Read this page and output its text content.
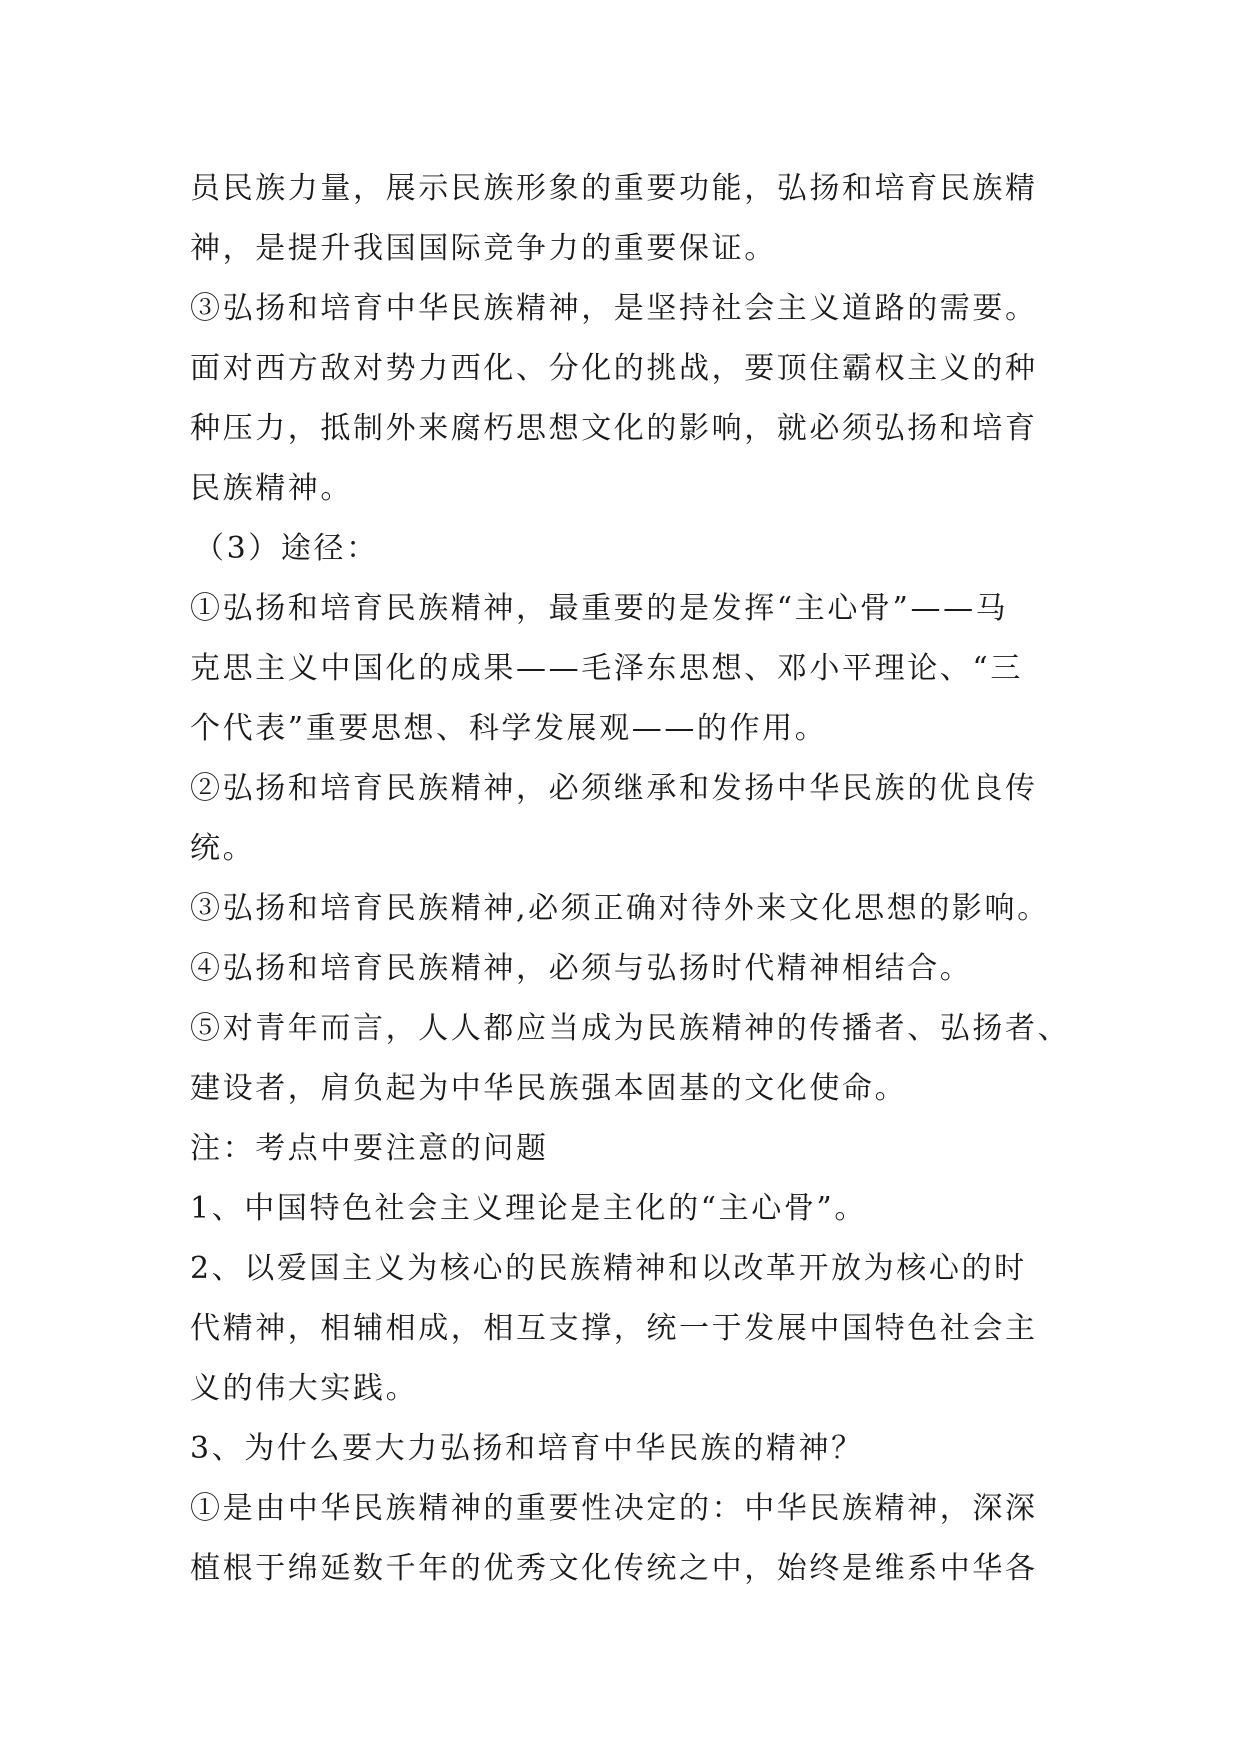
员民族力量，展示民族形象的重要功能，弘扬和培育民族精
神，是提升我国国际竞争力的重要保证。
③弘扬和培育中华民族精神，是坚持社会主义道路的需要。
面对西方敌对势力西化、分化的挑战，要顶住霸权主义的种
种压力，抵制外来腐朽思想文化的影响，就必须弘扬和培育
民族精神。
（3）途径：
①弘扬和培育民族精神，最重要的是发挥“主心骨”——马
克思主义中国化的成果——毛泽东思想、邓小平理论、“三
个代表”重要思想、科学发展观——的作用。
②弘扬和培育民族精神，必须继承和发扬中华民族的优良传
统。
③弘扬和培育民族精神,必须正确对待外来文化思想的影响。
④弘扬和培育民族精神，必须与弘扬时代精神相结合。
⑤对青年而言，人人都应当成为民族精神的传播者、弘扬者、
建设者，肩负起为中华民族强本固基的文化使命。
注：考点中要注意的问题
1、中国特色社会主义理论是主化的“主心骨”。
2、以爱国主义为核心的民族精神和以改革开放为核心的时
代精神，相辅相成，相互支撑，统一于发展中国特色社会主
义的伟大实践。
3、为什么要大力弘扬和培育中华民族的精神？
①是由中华民族精神的重要性决定的：中华民族精神，深深
植根于绵延数千年的优秀文化传统之中，始终是维系中华各
